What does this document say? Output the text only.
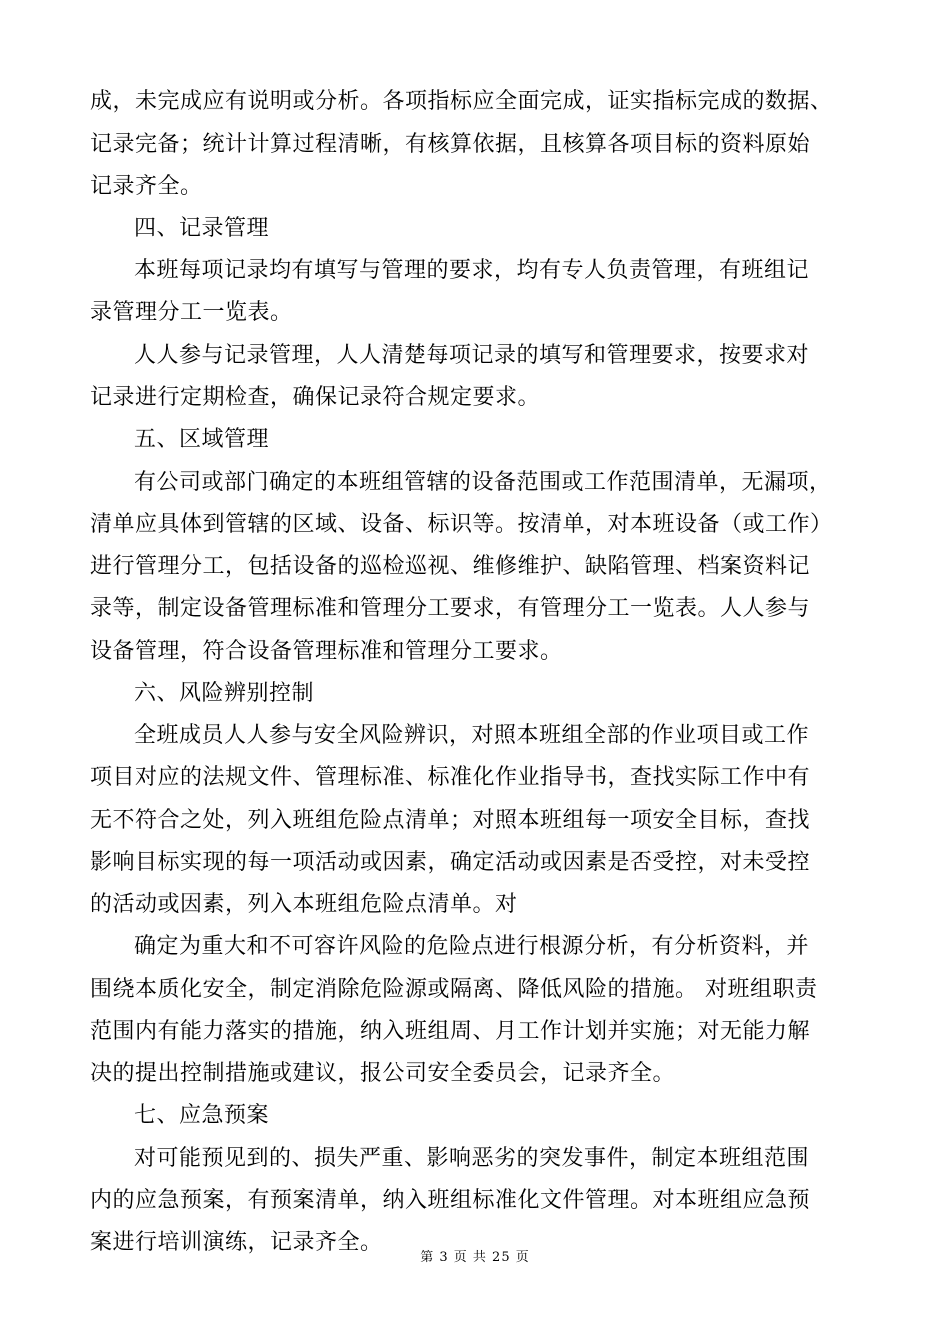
成，未完成应有说明或分析。各项指标应全面完成，证实指标完成的数据、
记录完备；统计计算过程清晰，有核算依据，且核算各项目标的资料原始
记录齐全。
四、记录管理
本班每项记录均有填写与管理的要求，均有专人负责管理，有班组记
录管理分工一览表。
人人参与记录管理，人人清楚每项记录的填写和管理要求，按要求对
记录进行定期检查，确保记录符合规定要求。
五、区域管理
有公司或部门确定的本班组管辖的设备范围或工作范围清单，无漏项，
清单应具体到管辖的区域、设备、标识等。按清单，对本班设备（或工作）
进行管理分工，包括设备的巡检巡视、维修维护、缺陷管理、档案资料记
录等，制定设备管理标准和管理分工要求，有管理分工一览表。人人参与
设备管理，符合设备管理标准和管理分工要求。
六、风险辨别控制
全班成员人人参与安全风险辨识，对照本班组全部的作业项目或工作
项目对应的法规文件、管理标准、标准化作业指导书，查找实际工作中有
无不符合之处，列入班组危险点清单；对照本班组每一项安全目标，查找
影响目标实现的每一项活动或因素，确定活动或因素是否受控，对未受控
的活动或因素，列入本班组危险点清单。对
确定为重大和不可容许风险的危险点进行根源分析，有分析资料，并
围绕本质化安全，制定消除危险源或隔离、降低风险的措施。 对班组职责
范围内有能力落实的措施，纳入班组周、月工作计划并实施；对无能力解
决的提出控制措施或建议，报公司安全委员会，记录齐全。
七、应急预案
对可能预见到的、损失严重、影响恶劣的突发事件，制定本班组范围
内的应急预案，有预案清单，纳入班组标准化文件管理。对本班组应急预
案进行培训演练，记录齐全。
第 3 页 共 25 页
